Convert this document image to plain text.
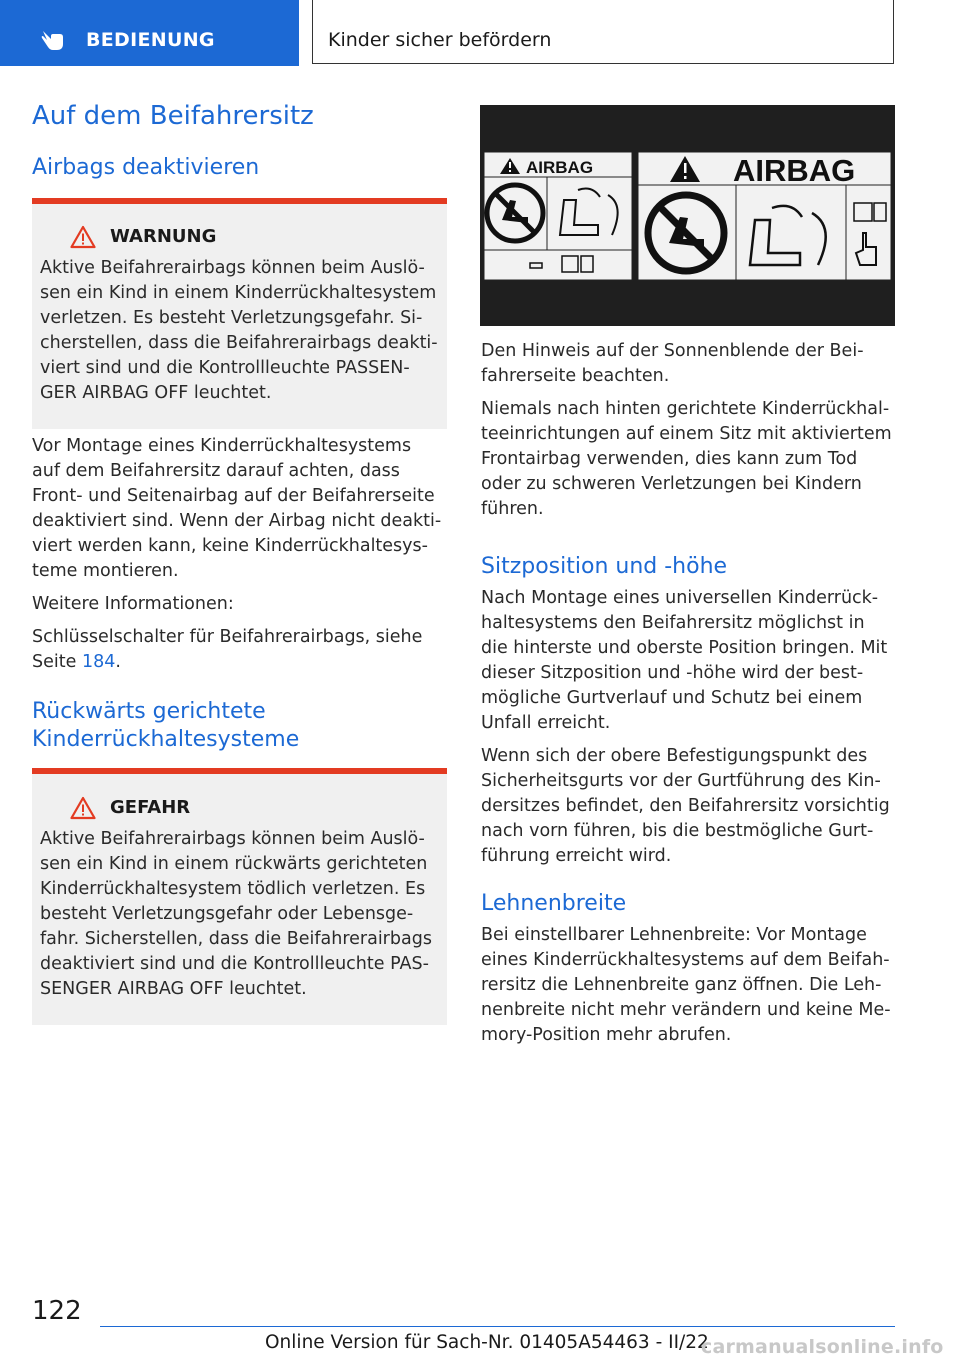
BEDIENUNG	Kinder sicher befördern
Auf dem Beifahrersitz
Airbags deaktivieren
WARNUNG

Aktive Beifahrerairbags können beim Auslö-

sen ein Kind in einem Kinderrückhaltesystem

verletzen. Es besteht Verletzungsgefahr. Si-

cherstellen, dass die Beifahrerairbags deakti-

viert sind und die Kontrollleuchte PASSEN-

GER AIRBAG OFF leuchtet.

Vor Montage eines Kinderrückhaltesystems

auf dem Beifahrersitz darauf achten, dass

Front- und Seitenairbag auf der Beifahrerseite

deaktiviert sind. Wenn der Airbag nicht deakti-

viert werden kann, keine Kinderrückhaltesys-

teme montieren.

Weitere Informationen:

Schlüsselschalter für Beifahrerairbags, siehe

Seite 184.

Rückwärts gerichtete
Kinderrückhaltesysteme
GEFAHR

Aktive Beifahrerairbags können beim Auslö-

sen ein Kind in einem rückwärts gerichteten

Kinderrückhaltesystem tödlich verletzen. Es

besteht Verletzungsgefahr oder Lebensge-

fahr. Sicherstellen, dass die Beifahrerairbags

deaktiviert sind und die Kontrollleuchte PAS-

SENGER AIRBAG OFF leuchtet.

AIRBAG	AIRBAG

Den Hinweis auf der Sonnenblende der Bei-

fahrerseite beachten.

Niemals nach hinten gerichtete Kinderrückhal-

teeinrichtungen auf einem Sitz mit aktiviertem

Frontairbag verwenden, dies kann zum Tod

oder zu schweren Verletzungen bei Kindern

führen.

Sitzposition und -höhe

Nach Montage eines universellen Kinderrück-

haltesystems den Beifahrersitz möglichst in

die hinterste und oberste Position bringen. Mit

dieser Sitzposition und -höhe wird der best-

mögliche Gurtverlauf und Schutz bei einem

Unfall erreicht.

Wenn sich der obere Befestigungspunkt des

Sicherheitsgurts vor der Gurtführung des Kin-

dersitzes befindet, den Beifahrersitz vorsichtig

nach vorn führen, bis die bestmögliche Gurt-

führung erreicht wird.

Lehnenbreite

Bei einstellbarer Lehnenbreite: Vor Montage

eines Kinderrückhaltesystems auf dem Beifah-

rersitz die Lehnenbreite ganz öffnen. Die Leh-

nenbreite nicht mehr verändern und keine Me-

mory-Position mehr abrufen.

122
Online Version für Sach-Nr. 01405A54463 - II/22
carmanualsonline.info
